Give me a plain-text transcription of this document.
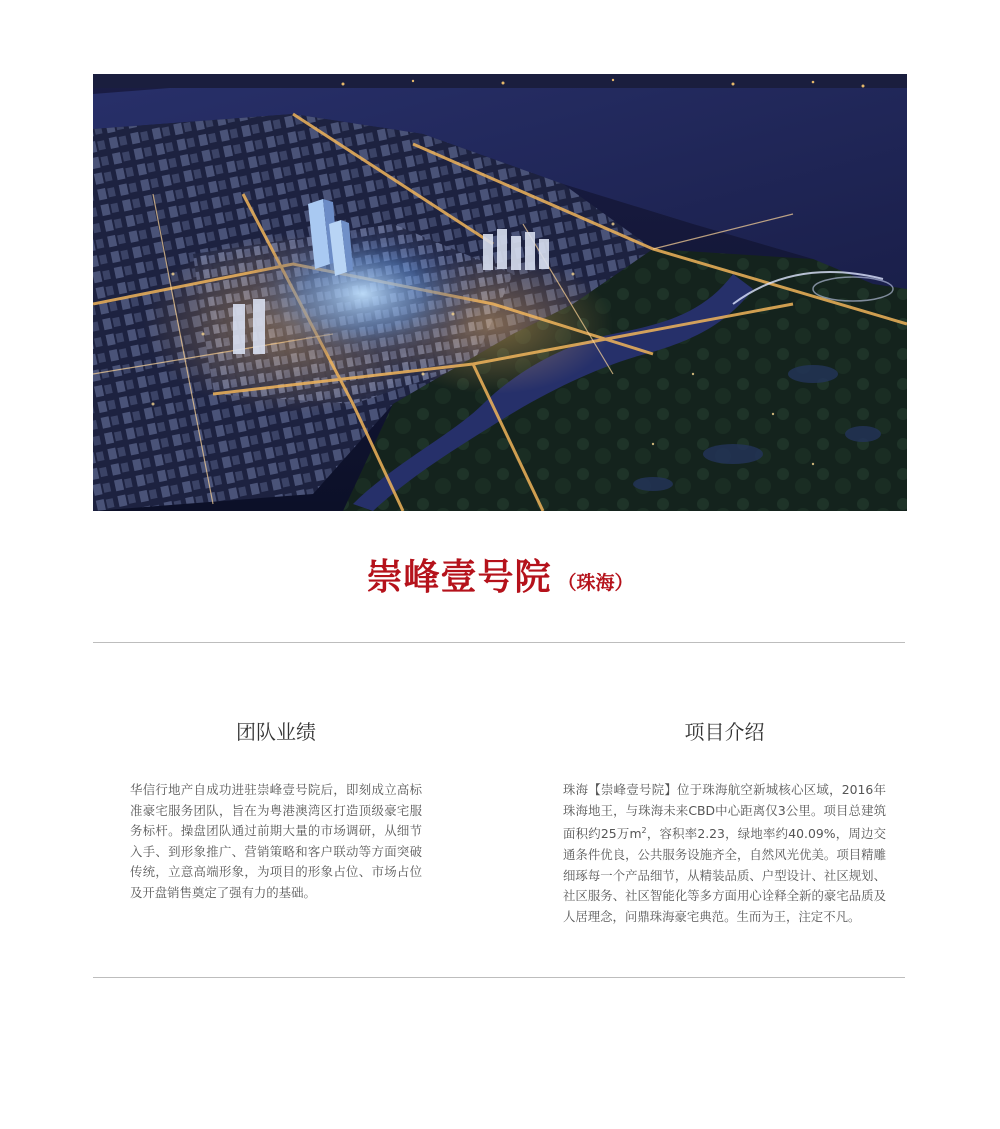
崇峰壹号院 （珠海）
团队业绩

华信行地产自成功进驻崇峰壹号院后，即刻成立高标准豪宅服务团队，旨在为粤港澳湾区打造顶级豪宅服务标杆。操盘团队通过前期大量的市场调研，从细节入手、到形象推广、营销策略和客户联动等方面突破传统，立意高端形象，为项目的形象占位、市场占位及开盘销售奠定了强有力的基础。

项目介绍

珠海【崇峰壹号院】位于珠海航空新城核心区域，2016年珠海地王，与珠海未来CBD中心距离仅3公里。项目总建筑面积约25万$m^2$，容积率2.23，绿地率约40.09%，周边交通条件优良，公共服务设施齐全，自然风光优美。项目精雕细琢每一个产品细节，从精装品质、户型设计、社区规划、社区服务、社区智能化等多方面用心诠释全新的豪宅品质及人居理念，问鼎珠海豪宅典范。生而为王，注定不凡。
